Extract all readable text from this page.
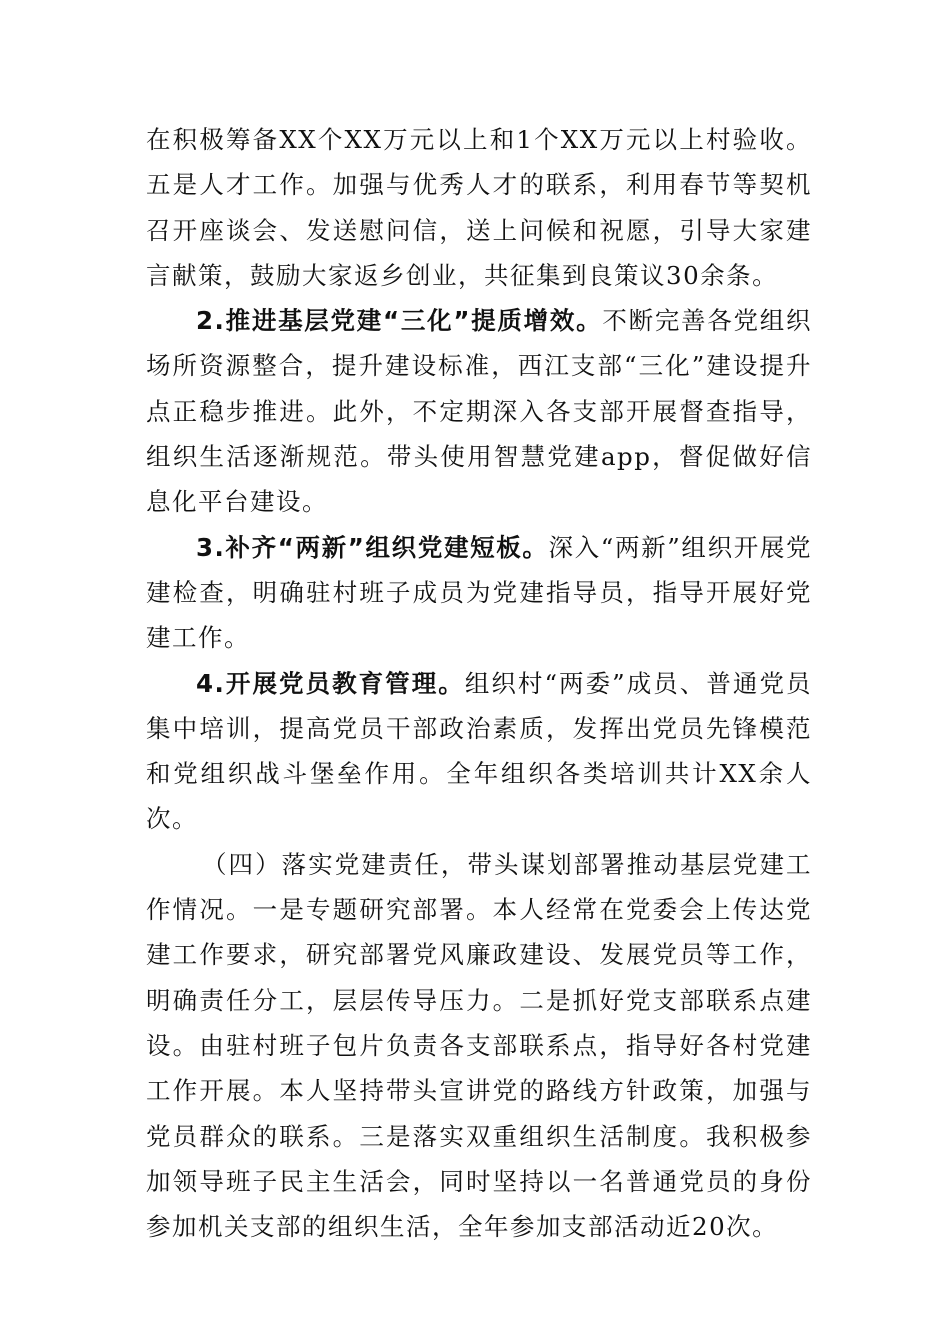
在积极筹备XX个XX万元以上和1个XX万元以上村验收。五是人才工作。加强与优秀人才的联系，利用春节等契机召开座谈会、发送慰问信，送上问候和祝愿，引导大家建言献策，鼓励大家返乡创业，共征集到良策议30余条。

2.推进基层党建“三化”提质增效。不断完善各党组织场所资源整合，提升建设标准，西江支部“三化”建设提升点正稳步推进。此外，不定期深入各支部开展督查指导，组织生活逐渐规范。带头使用智慧党建app，督促做好信息化平台建设。

3.补齐“两新”组织党建短板。深入“两新”组织开展党建检查，明确驻村班子成员为党建指导员，指导开展好党建工作。

4.开展党员教育管理。组织村“两委”成员、普通党员集中培训，提高党员干部政治素质，发挥出党员先锋模范和党组织战斗堡垒作用。全年组织各类培训共计XX余人次。

（四）落实党建责任，带头谋划部署推动基层党建工作情况。一是专题研究部署。本人经常在党委会上传达党建工作要求，研究部署党风廉政建设、发展党员等工作，明确责任分工，层层传导压力。二是抓好党支部联系点建设。由驻村班子包片负责各支部联系点，指导好各村党建工作开展。本人坚持带头宣讲党的路线方针政策，加强与党员群众的联系。三是落实双重组织生活制度。我积极参加领导班子民主生活会，同时坚持以一名普通党员的身份参加机关支部的组织生活，全年参加支部活动近20次。
